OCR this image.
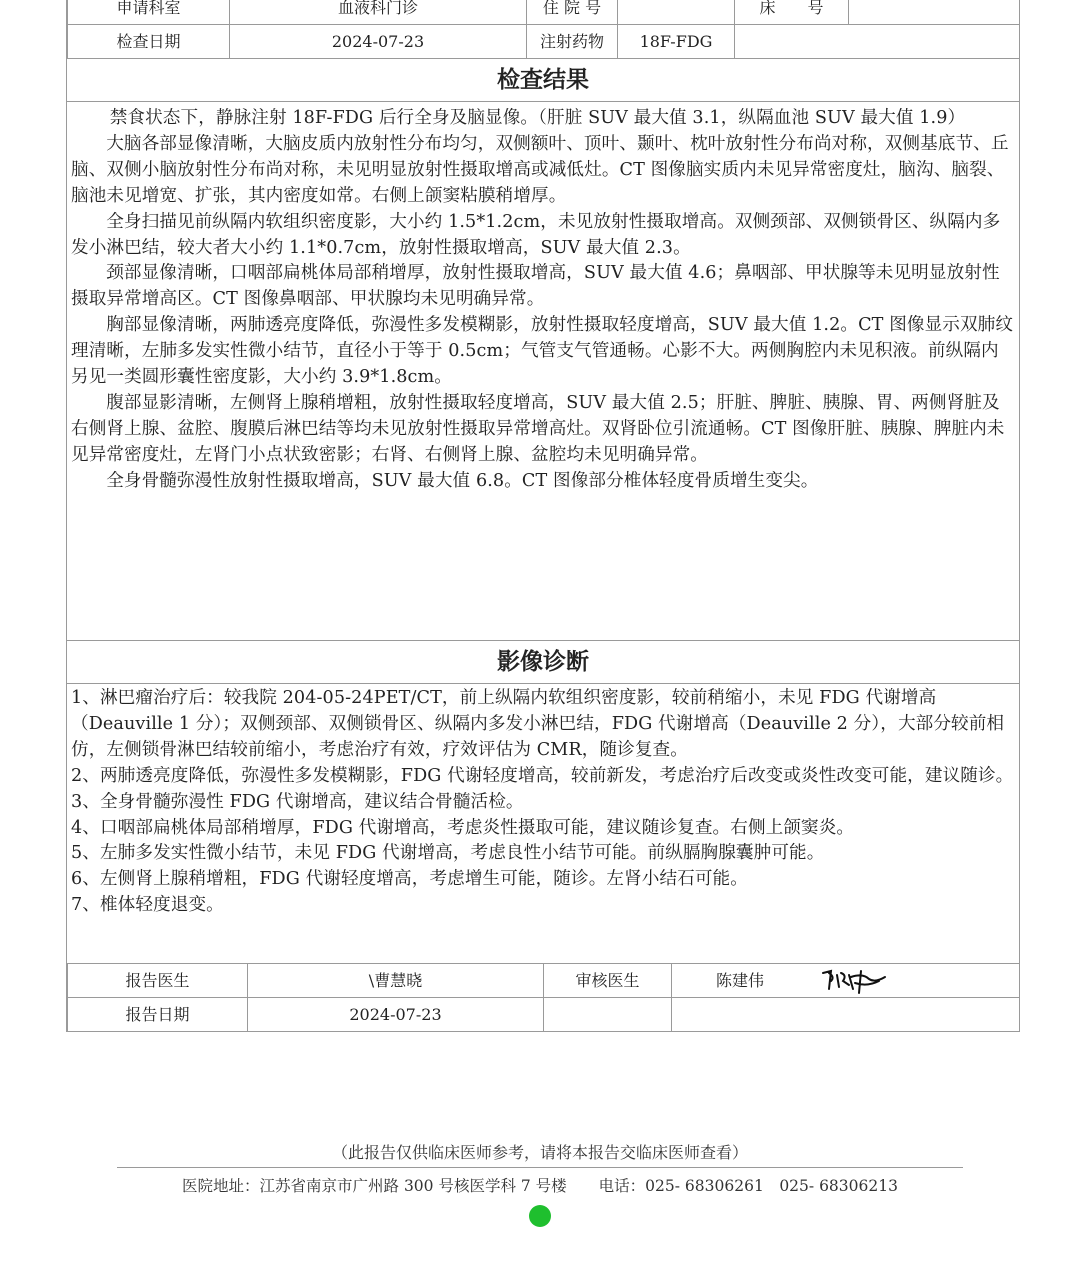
申请科室	血液科门诊	住 院 号		床　　号	
检查日期	2024-07-23	注射药物	18F-FDG		
检查结果

禁食状态下，静脉注射 18F-FDG 后行全身及脑显像。（肝脏 SUV 最大值 3.1，纵隔血池 SUV 最大值 1.9）

大脑各部显像清晰，大脑皮质内放射性分布均匀，双侧额叶、顶叶、颞叶、枕叶放射性分布尚对称，双侧基底节、丘脑、双侧小脑放射性分布尚对称，未见明显放射性摄取增高或减低灶。CT 图像脑实质内未见异常密度灶，脑沟、脑裂、脑池未见增宽、扩张，其内密度如常。右侧上颌窦粘膜稍增厚。

全身扫描见前纵隔内软组织密度影，大小约 1.5*1.2cm，未见放射性摄取增高。双侧颈部、双侧锁骨区、纵隔内多发小淋巴结，较大者大小约 1.1*0.7cm，放射性摄取增高，SUV 最大值 2.3。

颈部显像清晰，口咽部扁桃体局部稍增厚，放射性摄取增高，SUV 最大值 4.6；鼻咽部、甲状腺等未见明显放射性摄取异常增高区。CT 图像鼻咽部、甲状腺均未见明确异常。

胸部显像清晰，两肺透亮度降低，弥漫性多发模糊影，放射性摄取轻度增高，SUV 最大值 1.2。CT 图像显示双肺纹理清晰，左肺多发实性微小结节，直径小于等于 0.5cm；气管支气管通畅。心影不大。两侧胸腔内未见积液。前纵隔内另见一类圆形囊性密度影，大小约 3.9*1.8cm。

腹部显影清晰，左侧肾上腺稍增粗，放射性摄取轻度增高，SUV 最大值 2.5；肝脏、脾脏、胰腺、胃、两侧肾脏及右侧肾上腺、盆腔、腹膜后淋巴结等均未见放射性摄取异常增高灶。双肾卧位引流通畅。CT 图像肝脏、胰腺、脾脏内未见异常密度灶，左肾门小点状致密影；右肾、右侧肾上腺、盆腔均未见明确异常。

全身骨髓弥漫性放射性摄取增高，SUV 最大值 6.8。CT 图像部分椎体轻度骨质增生变尖。

影像诊断

1、淋巴瘤治疗后：较我院 204-05-24PET/CT，前上纵隔内软组织密度影，较前稍缩小，未见 FDG 代谢增高（Deauville 1 分）；双侧颈部、双侧锁骨区、纵隔内多发小淋巴结，FDG 代谢增高（Deauville 2 分），大部分较前相仿，左侧锁骨淋巴结较前缩小，考虑治疗有效，疗效评估为 CMR，随诊复查。

2、两肺透亮度降低，弥漫性多发模糊影，FDG 代谢轻度增高，较前新发，考虑治疗后改变或炎性改变可能，建议随诊。

3、全身骨髓弥漫性 FDG 代谢增高，建议结合骨髓活检。

4、口咽部扁桃体局部稍增厚，FDG 代谢增高，考虑炎性摄取可能，建议随诊复查。右侧上颌窦炎。

5、左肺多发实性微小结节，未见 FDG 代谢增高，考虑良性小结节可能。前纵膈胸腺囊肿可能。

6、左侧肾上腺稍增粗，FDG 代谢轻度增高，考虑增生可能，随诊。左肾小结石可能。

7、椎体轻度退变。

报告医生	\曹慧晓	审核医生	陈建伟

报告日期	2024-07-23		
（此报告仅供临床医师参考，请将本报告交临床医师查看）
医院地址：江苏省南京市广州路 300 号核医学科 7 号楼 电话：025- 68306261　025- 68306213
